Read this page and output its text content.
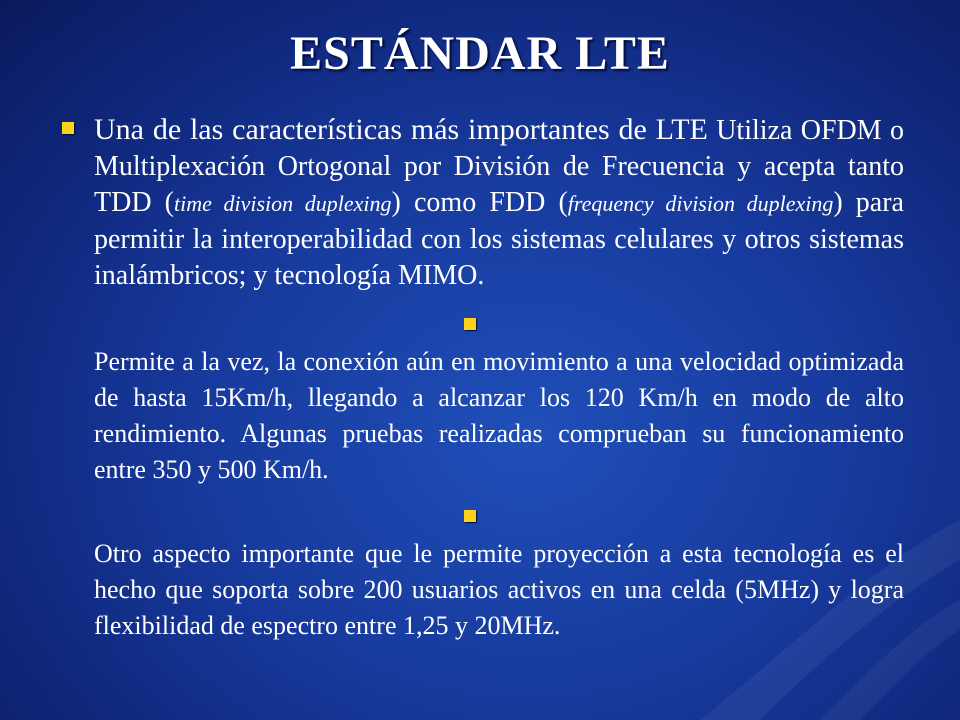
ESTÁNDAR LTE
Una de las características más importantes de LTE Utiliza OFDM o Multiplexación Ortogonal por División de Frecuencia y acepta tanto TDD (time division duplexing) como FDD (frequency division duplexing) para permitir la interoperabilidad con los sistemas celulares y otros sistemas inalámbricos; y tecnología MIMO.
Permite a la vez, la conexión aún en movimiento a una velocidad optimizada de hasta 15Km/h, llegando a alcanzar los 120 Km/h en modo de alto rendimiento. Algunas pruebas realizadas comprueban su funcionamiento entre 350 y 500 Km/h.
Otro aspecto importante que le permite proyección a esta tecnología es el hecho que soporta sobre 200 usuarios activos en una celda (5MHz) y logra flexibilidad de espectro entre 1,25 y 20MHz.
